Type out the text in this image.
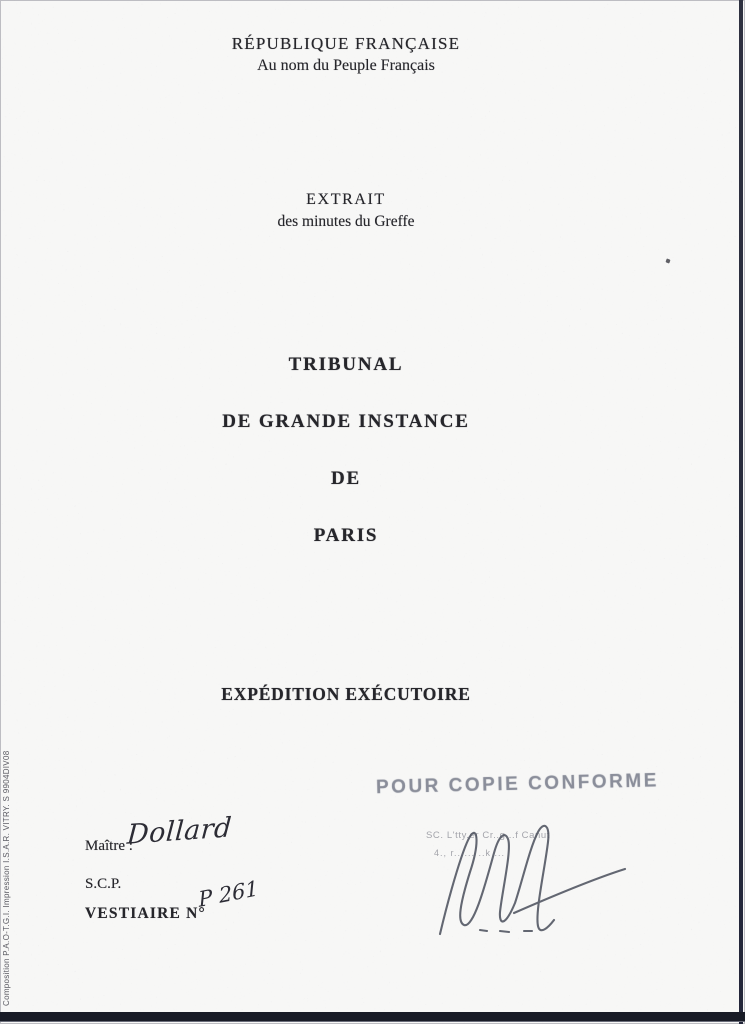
RÉPUBLIQUE FRANÇAISE
Au nom du Peuple Français
EXTRAIT
des minutes du Greffe
TRIBUNAL
DE GRANDE INSTANCE
DE
PARIS
EXPÉDITION EXÉCUTOIRE
POUR COPIE CONFORME
SC. L'tty.er Cr..g ..f Canut
4., r.. ... ..k ...
Maître :
Dollard
S.C.P.
VESTIAIRE N°
P 261
Composition P.A.O-T.G.I. Impression I.S.A.R. VITRY. S 9904DIV08
